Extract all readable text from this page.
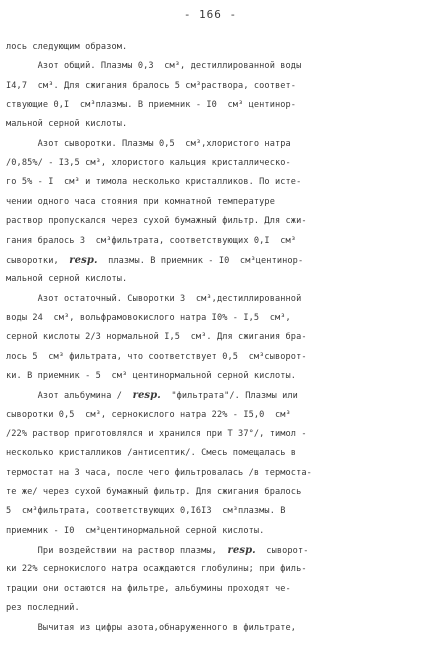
- 166 -
лось следующим образом.
Азот общий. Плазмы 0,3  см³, дестиллированной воды
I4,7  см³. Для сжигания бралось 5 см³раствора, соответ-
ствующие 0,I  см³плазмы. В приемник - I0  см³ центинор-
мальной серной кислоты.
Азот сыворотки. Плазмы 0,5  см³,хлористого натра
/0,85%/ - I3,5 см³, хлористого кальция кристаллическо-
го 5% - I  см³ и тимола несколько кристалликов. По исте-
чении одного часа стояния при комнатной температуре
раствор пропускался через сухой бумажный фильтр. Для сжи-
гания бралось 3  см³фильтрата, соответствующих 0,I  см³
сыворотки,  resp.  плазмы. В приемник - I0  см³центинор-
мальной серной кислоты.
Азот остаточный. Сыворотки 3  см³,дестиллированной
воды 24  см³, вольфрамовокислого натра I0% - I,5  см³,
серной кислоты 2/3 нормальной I,5  см³. Для сжигания бра-
лось 5  см³ фильтрата, что соответствует 0,5  см³сыворот-
ки. В приемник - 5  см³ центинормальной серной кислоты.
Азот альбумина /  resp.  "фильтрата"/. Плазмы или
сыворотки 0,5  см³, сернокислого натра 22% - I5,0  см³
/22% раствор приготовлялся и хранился при Т 37°/, тимол -
несколько кристалликов /антисептик/. Смесь помещалась в
термостат на 3 часа, после чего фильтровалась /в термоста-
те же/ через сухой бумажный фильтр. Для сжигания бралось
5  см³фильтрата, соответствующих 0,I6I3  см³плазмы. В
приемник - I0  см³центинормальной серной кислоты.
При воздействии на раствор плазмы,  resp.  сыворот-
ки 22% сернокислого натра осаждаются глобулины; при филь-
трации они остаются на фильтре, альбумины проходят че-
рез последний.
Вычитая из цифры азота,обнаруженного в фильтрате,
